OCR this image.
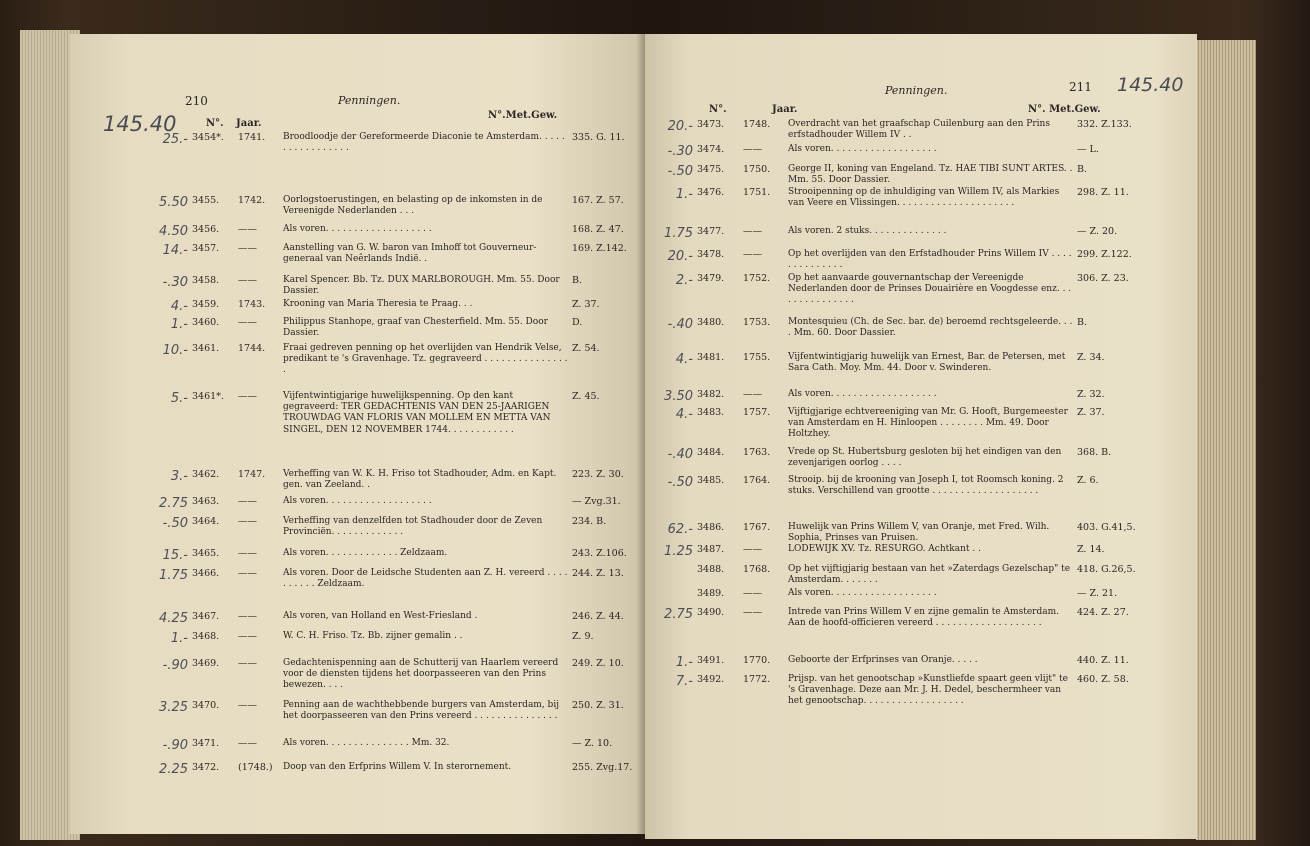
210	Penningen.
145.40	N°. Jaar.
N°.Met.Gew.
25.- 3454*. 1741. Broodloodje der Gereformeerde Diaconie te Amsterdam. . . . . . . . . . . . . . . . .
335. G. 11.
5.50 3455. 1742. Oorlogstoerustingen, en belasting op de inkomsten in de Vereenigde Nederlanden . . .
167. Z. 57.
4.50 3456. ——	Als voren. . . . . . . . . . . . . . . . . . .	168. Z. 47.
14.- 3457. ——	Aanstelling van G. W. baron van Imhoff tot Gouverneur-generaal van Neêrlands Indië. .
169. Z.142.
-.30 3458. ——	Karel Spencer. Bb. Tz. DUX MARLBOROUGH. Mm. 55. Door Dassier.
B.
4.- 3459. 1743. Krooning van Maria Theresia te Praag. . .	Z. 37.
1.- 3460. ——	Philippus Stanhope, graaf van Chesterfield. Mm. 55. Door Dassier.
D.
10.- 3461. 1744. Fraai gedreven penning op het overlijden van Hendrik Velse, predikant te 's Gravenhage. Tz. gegraveerd . . . . . . . . . . . . . . . .
Z. 54.
5.- 3461*. ——	Vijfentwintigjarige huwelijkspenning. Op den kant gegraveerd: TER GEDACHTENIS VAN DEN 25-JAARIGEN TROUWDAG VAN FLORIS VAN MOLLEM EN METTA VAN SINGEL, DEN 12 NOVEMBER 1744. . . . . . . . . . . .
Z. 45.
3.- 3462. 1747. Verheffing van W. K. H. Friso tot Stadhouder, Adm. en Kapt. gen. van Zeeland. .
223. Z. 30.
2.75 3463. ——	Als voren. . . . . . . . . . . . . . . . . . .	— Zvg.31.
-.50 3464. ——	Verheffing van denzelfden tot Stadhouder door de Zeven Provinciën. . . . . . . . . . . . .
234. B.
15.- 3465. ——	Als voren. . . . . . . . . . . . . Zeldzaam.	243. Z.106.
1.75 3466. ——	Als voren. Door de Leidsche Studenten aan Z. H. vereerd . . . . . . . . . . Zeldzaam.
244. Z. 13.
4.25 3467. ——	Als voren, van Holland en West-Friesland .	246. Z. 44.
1.- 3468. ——	W. C. H. Friso. Tz. Bb. zijner gemalin . .	Z. 9.
-.90 3469. ——	Gedachtenispenning aan de Schutterij van Haarlem vereerd voor de diensten tijdens het doorpasseeren van den Prins bewezen. . . .
249. Z. 10.
3.25 3470. ——	Penning aan de wachthebbende burgers van Amsterdam, bij het doorpasseeren van den Prins vereerd . . . . . . . . . . . . . . .
250. Z. 31.
-.90 3471. ——	Als voren. . . . . . . . . . . . . . . Mm. 32.	— Z. 10.
2.25 3472. (1748.) Doop van den Erfprins Willem V. In sterornement.	255. Zvg.17.
Penningen.	211 145.40
N°.	Jaar.	N°. Met.Gew.
20.- 3473. 1748. Overdracht van het graafschap Cuilenburg aan den Prins erfstadhouder Willem IV . .
332. Z.133.
-.30 3474. ——	Als voren. . . . . . . . . . . . . . . . . . .	— L.
-.50 3475. 1750. George II, koning van Engeland. Tz. HAE TIBI SUNT ARTES. . Mm. 55. Door Dassier.
B.
1.- 3476. 1751. Strooipenning op de inhuldiging van Willem IV, als Markies van Veere en Vlissingen. . . . . . . . . . . . . . . . . . . . .
298. Z. 11.
1.75 3477. ——	Als voren. 2 stuks. . . . . . . . . . . . . .	— Z. 20.
20.- 3478. ——	Op het overlijden van den Erfstadhouder Prins Willem IV . . . . . . . . . . . . . .
299. Z.122.
2.- 3479. 1752. Op het aanvaarde gouvernantschap der Vereenigde Nederlanden door de Prinses Douairière en Voogdesse enz. . . . . . . . . . . . . . .
306. Z. 23.
-.40 3480. 1753. Montesquieu (Ch. de Sec. bar. de) beroemd rechtsgeleerde. . . . Mm. 60. Door Dassier.
B.
4.- 3481. 1755. Vijfentwintigjarig huwelijk van Ernest, Bar. de Petersen, met Sara Cath. Moy. Mm. 44. Door v. Swinderen.
Z. 34.
3.50 3482. ——	Als voren. . . . . . . . . . . . . . . . . . .	Z. 32.
4.- 3483. 1757. Vijftigjarige echtvereeniging van Mr. G. Hooft, Burgemeester van Amsterdam en H. Hinloopen . . . . . . . . Mm. 49. Door Holtzhey.
Z. 37.
-.40 3484. 1763. Vrede op St. Hubertsburg gesloten bij het eindigen van den zevenjarigen oorlog . . . .
368. B.
-.50 3485. 1764. Strooip. bij de krooning van Joseph I, tot Roomsch koning. 2 stuks. Verschillend van grootte . . . . . . . . . . . . . . . . . . .
Z. 6.
62.- 3486. 1767. Huwelijk van Prins Willem V, van Oranje, met Fred. Wilh. Sophia, Prinses van Pruisen.
403. G.41,5.
1.25 3487. ——	LODEWIJK XV. Tz. RESURGO. Achtkant . .	Z. 14.
3488. 1768. Op het vijftigjarig bestaan van het »Zaterdags Gezelschap" te Amsterdam. . . . . . .
418. G.26,5.
3489. ——	Als voren. . . . . . . . . . . . . . . . . . .	— Z. 21.
2.75 3490. ——	Intrede van Prins Willem V en zijne gemalin te Amsterdam. Aan de hoofd-officieren vereerd . . . . . . . . . . . . . . . . . . .
424. Z. 27.
1.- 3491. 1770. Geboorte der Erfprinses van Oranje. . . . .	440. Z. 11.
7.- 3492. 1772. Prijsp. van het genootschap »Kunstliefde spaart geen vlijt" te 's Gravenhage. Deze aan Mr. J. H. Dedel, beschermheer van het genootschap. . . . . . . . . . . . . . . . . .
460. Z. 58.
